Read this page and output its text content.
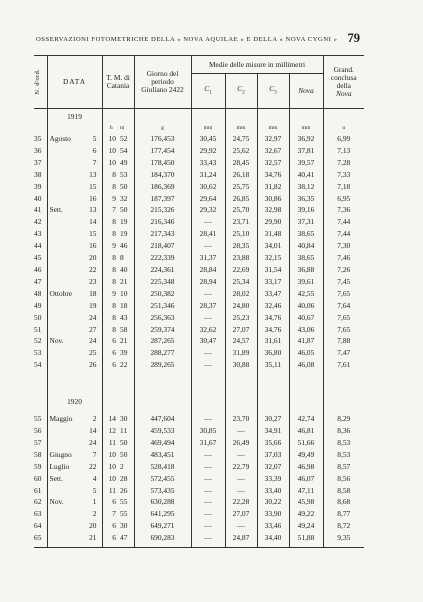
OSSERVAZIONI FOTOMETRICHE DELLA « NOVA AQUILAE » E DELLA « NOVA CYGNI » 79
N. d'ord.	DATA		T. M. di Catania		Giorno del periodo Giuliano 2422	Medie delle misure in millimetri				Grand.
conclusa
della
Nova

						$C_1$	$C_2$	$C_3$	Nova	
	1919									
			h	m	g	mm	mm	mm	mm	u
35	Agosto	5	10	52	176,453	30,45	24,75	32,97	36,92	6,99
36		6	10	54	177,454	29,92	25,62	32,67	37,81	7,13
37		7	10	49	178,450	33,43	28,45	32,57	39,57	7,28
38		13	8	53	184,370	31,24	26,18	34,76	40,41	7,33
39		15	8	50	186,369	30,62	25,75	31,82	38,12	7,18
40		16	9	32	187,397	29,64	26,85	30,86	36,35	6,95
41	Sett.	13	7	50	215,326	29,32	25,70	32,98	39,16	7,36
42		14	8	19	216,346	—	23,71	29,90	37,31	7,44
43		15	8	19	217,343	28,41	25,10	31,48	38,65	7,44
44		16	9	46	218,407	—	28,35	34,01	40,84	7,30
45		20	8	8	222,339	31,37	23,88	32,15	38,65	7,46
46		22	8	40	224,361	28,84	22,69	31,54	36,88	7,26
47		23	8	21	225,348	28,94	25,34	33,17	39,61	7,45
48	Ottobre	18	9	10	250,382	—	28,02	33,47	42,55	7,65
49		19	8	18	251,346	28,37	24,80	32,46	40,06	7,64
50		24	8	43	256,363	—	25,23	34,76	40,67	7,65
51		27	8	58	259,374	32,62	27,07	34,76	43,06	7,65
52	Nov.	24	6	21	287,265	30,47	24,57	31,61	41,87	7,88
53		25	6	39	288,277	—	31,89	36,80	46,05	7,47
54		26	6	22	289,265	—	30,88	35,11	46,08	7,61

	1920									

55	Maggio	2	14	30	447,604	—	23,70	30,27	42,74	8,29
56		14	12	11	459,533	30,85	—	34,91	46,81	8,36
57		24	11	50	469,494	31,67	26,49	35,66	51,66	8,53
58	Giugno	7	10	50	483,451	—	—	37,03	49,49	8,53
59	Luglio	22	10	2	528,418	—	22,79	32,07	46,98	8,57
60	Sett.	4	10	28	572,455	—	—	33,39	46,07	8,56
61		5	11	26	573,435	—	—	33,40	47,11	8,58
62	Nov.	1	6	55	630,288	—	22,28	30,22	45,98	8,68
63		2	7	55	641,295	—	27,07	33,90	49,22	8,77
64		20	6	30	649,271	—	—	33,46	49,24	8,72
65		21	6	47	690,283	—	24,87	34,40	51,88	9,35
